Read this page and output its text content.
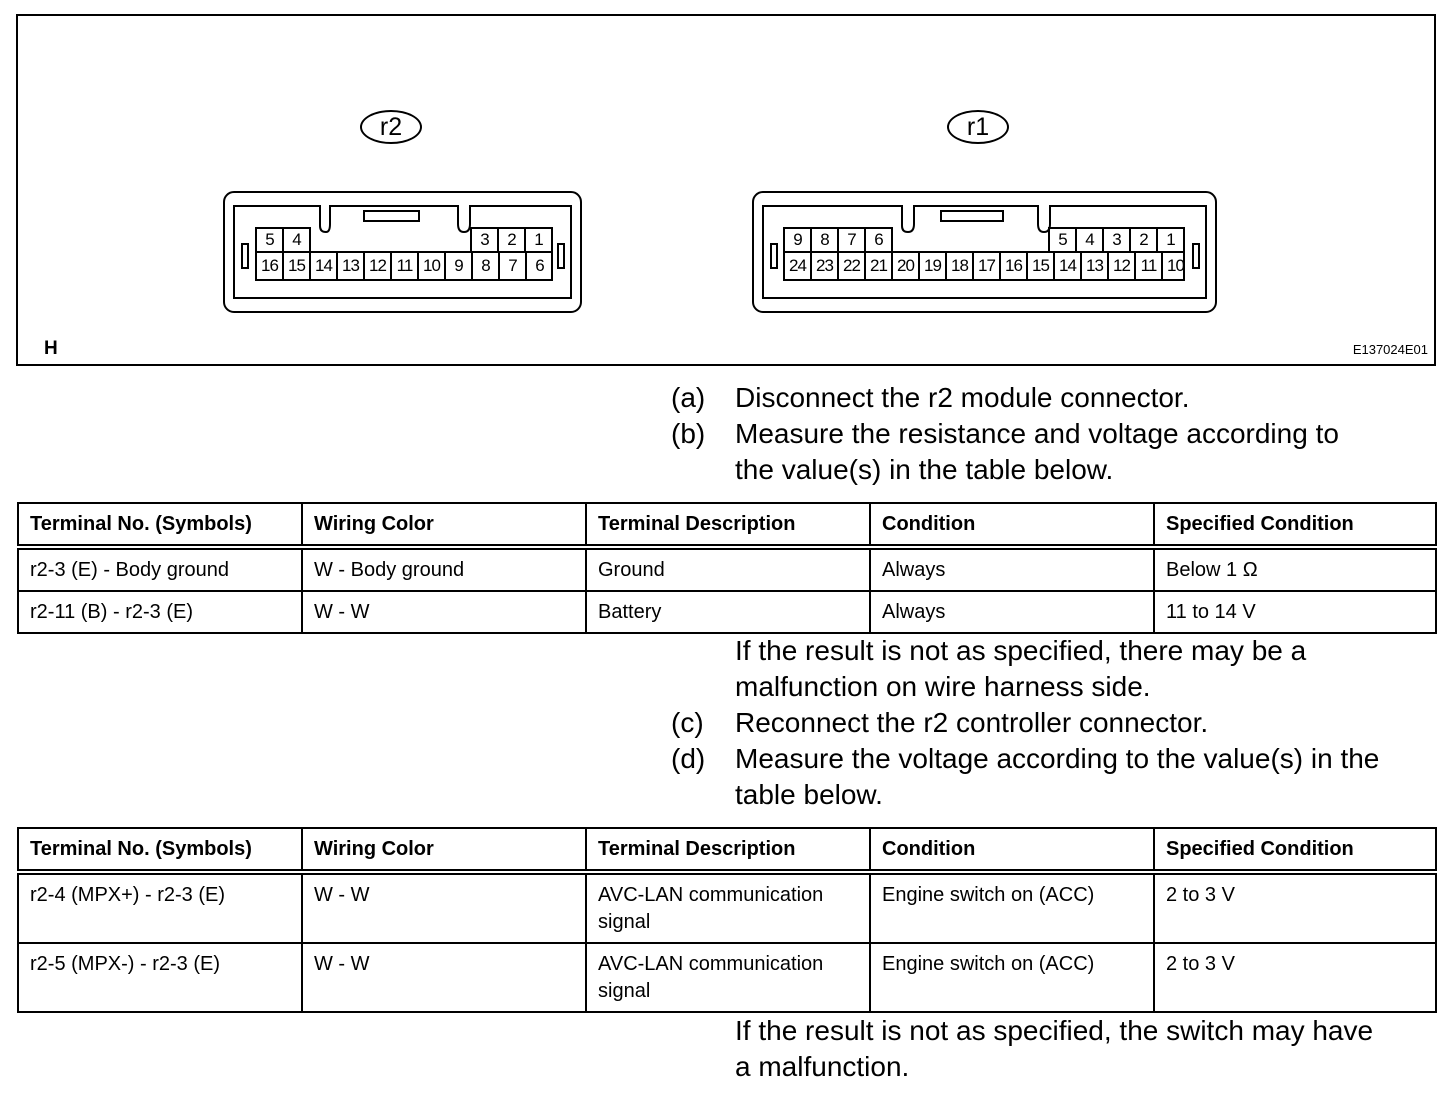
r2	r1
5	4	3	2	1
16 15 14 13 12 11 10 9	8	7	6
9	8	7	6	5	4	3	2	1
24 23 22 21 20 19 18 17 16 15 14 13 12 11 10
H	E137024E01
(a) Disconnect the r2 module connector.
(b) Measure the resistance and voltage according to
the value(s) in the table below.
Terminal No. (Symbols)	Wiring Color	Terminal Description	Condition	Specified Condition
r2-3 (E) - Body ground	W - Body ground	Ground	Always	Below 1 Ω
r2-11 (B) - r2-3 (E)	W - W	Battery	Always	11 to 14 V
If the result is not as specified, there may be a
malfunction on wire harness side.
(c) Reconnect the r2 controller connector.
(d) Measure the voltage according to the value(s) in the
table below.
Terminal No. (Symbols)	Wiring Color	Terminal Description	Condition	Specified Condition
r2-4 (MPX+) - r2-3 (E)	W - W	AVC-LAN communication signal	Engine switch on (ACC)	2 to 3 V
r2-5 (MPX-) - r2-3 (E)	W - W	AVC-LAN communication signal	Engine switch on (ACC)	2 to 3 V
If the result is not as specified, the switch may have
a malfunction.
